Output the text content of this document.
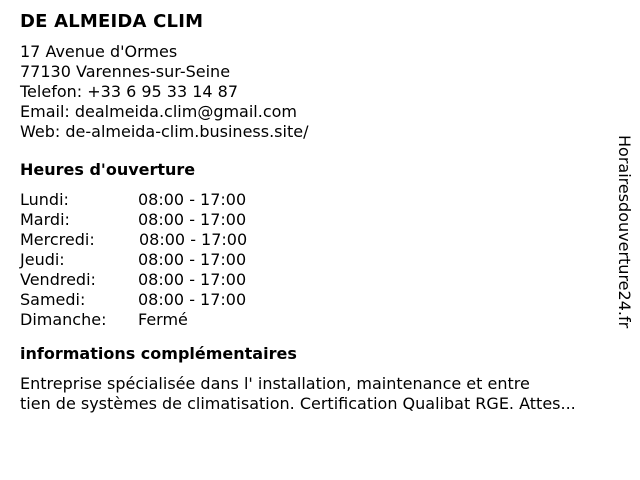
DE ALMEIDA CLIM
17 Avenue d'Ormes
77130 Varennes-sur-Seine
Telefon: +33 6 95 33 14 87
Email: dealmeida.clim@gmail.com
Web: de-almeida-clim.business.site/
Heures d'ouverture
Lundi:	08:00 - 17:00
Mardi:	08:00 - 17:00
Mercredi:	08:00 - 17:00
Jeudi:	08:00 - 17:00
Vendredi:	08:00 - 17:00
Samedi:	08:00 - 17:00
Dimanche:	Fermé
informations complémentaires
Entreprise spécialisée dans l' installation, maintenance et entre
tien de systèmes de climatisation. Certification Qualibat RGE. Attes...
Horairesdouverture24.fr
